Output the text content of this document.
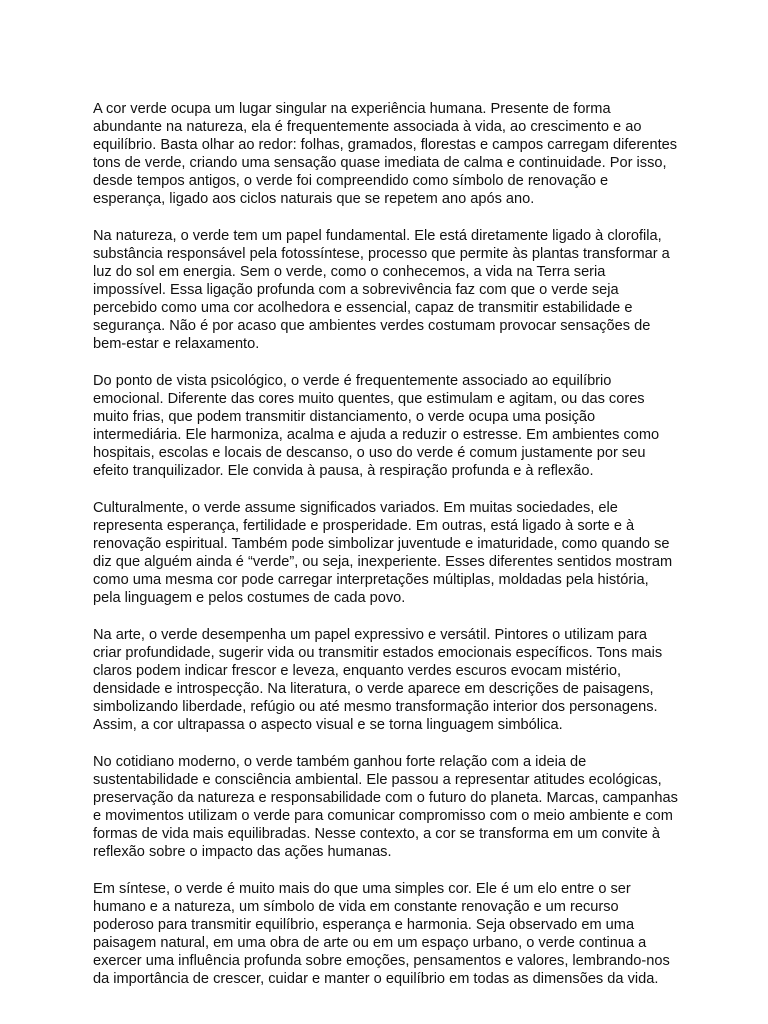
A cor verde ocupa um lugar singular na experiência humana. Presente de forma abundante na natureza, ela é frequentemente associada à vida, ao crescimento e ao equilíbrio. Basta olhar ao redor: folhas, gramados, florestas e campos carregam diferentes tons de verde, criando uma sensação quase imediata de calma e continuidade. Por isso, desde tempos antigos, o verde foi compreendido como símbolo de renovação e esperança, ligado aos ciclos naturais que se repetem ano após ano.

Na natureza, o verde tem um papel fundamental. Ele está diretamente ligado à clorofila, substância responsável pela fotossíntese, processo que permite às plantas transformar a luz do sol em energia. Sem o verde, como o conhecemos, a vida na Terra seria impossível. Essa ligação profunda com a sobrevivência faz com que o verde seja percebido como uma cor acolhedora e essencial, capaz de transmitir estabilidade e segurança. Não é por acaso que ambientes verdes costumam provocar sensações de bem-estar e relaxamento.

Do ponto de vista psicológico, o verde é frequentemente associado ao equilíbrio emocional. Diferente das cores muito quentes, que estimulam e agitam, ou das cores muito frias, que podem transmitir distanciamento, o verde ocupa uma posição intermediária. Ele harmoniza, acalma e ajuda a reduzir o estresse. Em ambientes como hospitais, escolas e locais de descanso, o uso do verde é comum justamente por seu efeito tranquilizador. Ele convida à pausa, à respiração profunda e à reflexão.

Culturalmente, o verde assume significados variados. Em muitas sociedades, ele representa esperança, fertilidade e prosperidade. Em outras, está ligado à sorte e à renovação espiritual. Também pode simbolizar juventude e imaturidade, como quando se diz que alguém ainda é “verde”, ou seja, inexperiente. Esses diferentes sentidos mostram como uma mesma cor pode carregar interpretações múltiplas, moldadas pela história, pela linguagem e pelos costumes de cada povo.

Na arte, o verde desempenha um papel expressivo e versátil. Pintores o utilizam para criar profundidade, sugerir vida ou transmitir estados emocionais específicos. Tons mais claros podem indicar frescor e leveza, enquanto verdes escuros evocam mistério, densidade e introspecção. Na literatura, o verde aparece em descrições de paisagens, simbolizando liberdade, refúgio ou até mesmo transformação interior dos personagens. Assim, a cor ultrapassa o aspecto visual e se torna linguagem simbólica.

No cotidiano moderno, o verde também ganhou forte relação com a ideia de sustentabilidade e consciência ambiental. Ele passou a representar atitudes ecológicas, preservação da natureza e responsabilidade com o futuro do planeta. Marcas, campanhas e movimentos utilizam o verde para comunicar compromisso com o meio ambiente e com formas de vida mais equilibradas. Nesse contexto, a cor se transforma em um convite à reflexão sobre o impacto das ações humanas.

Em síntese, o verde é muito mais do que uma simples cor. Ele é um elo entre o ser humano e a natureza, um símbolo de vida em constante renovação e um recurso poderoso para transmitir equilíbrio, esperança e harmonia. Seja observado em uma paisagem natural, em uma obra de arte ou em um espaço urbano, o verde continua a exercer uma influência profunda sobre emoções, pensamentos e valores, lembrando-nos da importância de crescer, cuidar e manter o equilíbrio em todas as dimensões da vida.
